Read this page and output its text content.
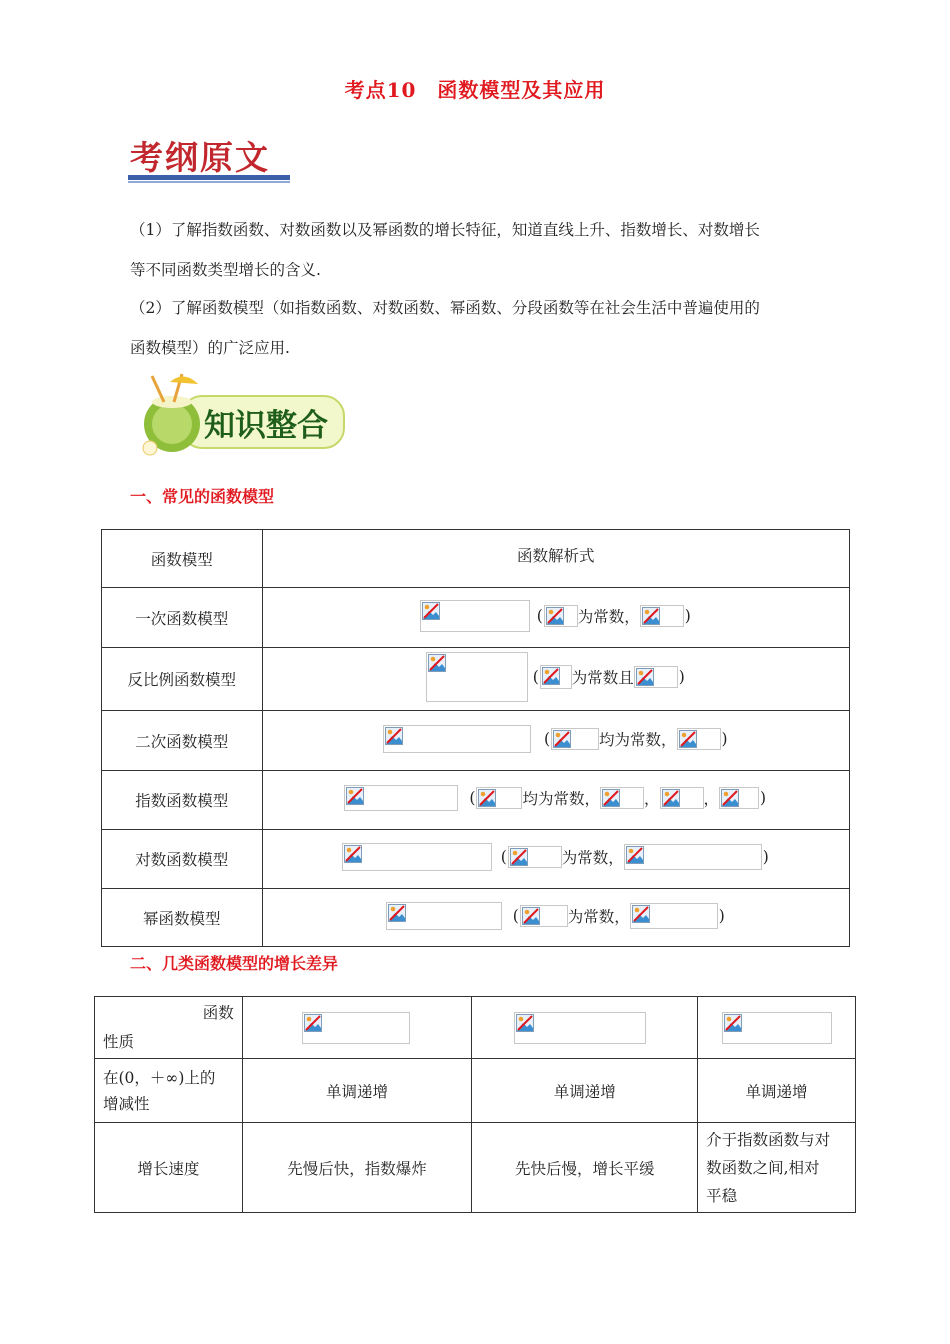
考点10　函数模型及其应用
考纲原文
（1）了解指数函数、对数函数以及幂函数的增长特征，知道直线上升、指数增长、对数增长
等不同函数类型增长的含义.
（2）了解函数模型（如指数函数、对数函数、幂函数、分段函数等在社会生活中普遍使用的
函数模型）的广泛应用.
知识整合
一、常见的函数模型
函数模型	函数解析式
一次函数模型	( 为常数， )

反比例函数模型	( 为常数且 )

二次函数模型	( 均为常数， )

指数函数模型	( 均为常数， ， ， )

对数函数模型	( 为常数， )

幂函数模型	( 为常数， )
二、几类函数模型的增长差异
函数
性质

在(0，＋∞)上的
增减性	单调递增	单调递增	单调递增
增长速度	先慢后快，指数爆炸	先快后慢，增长平缓	介于指数函数与对
数函数之间,相对
平稳
